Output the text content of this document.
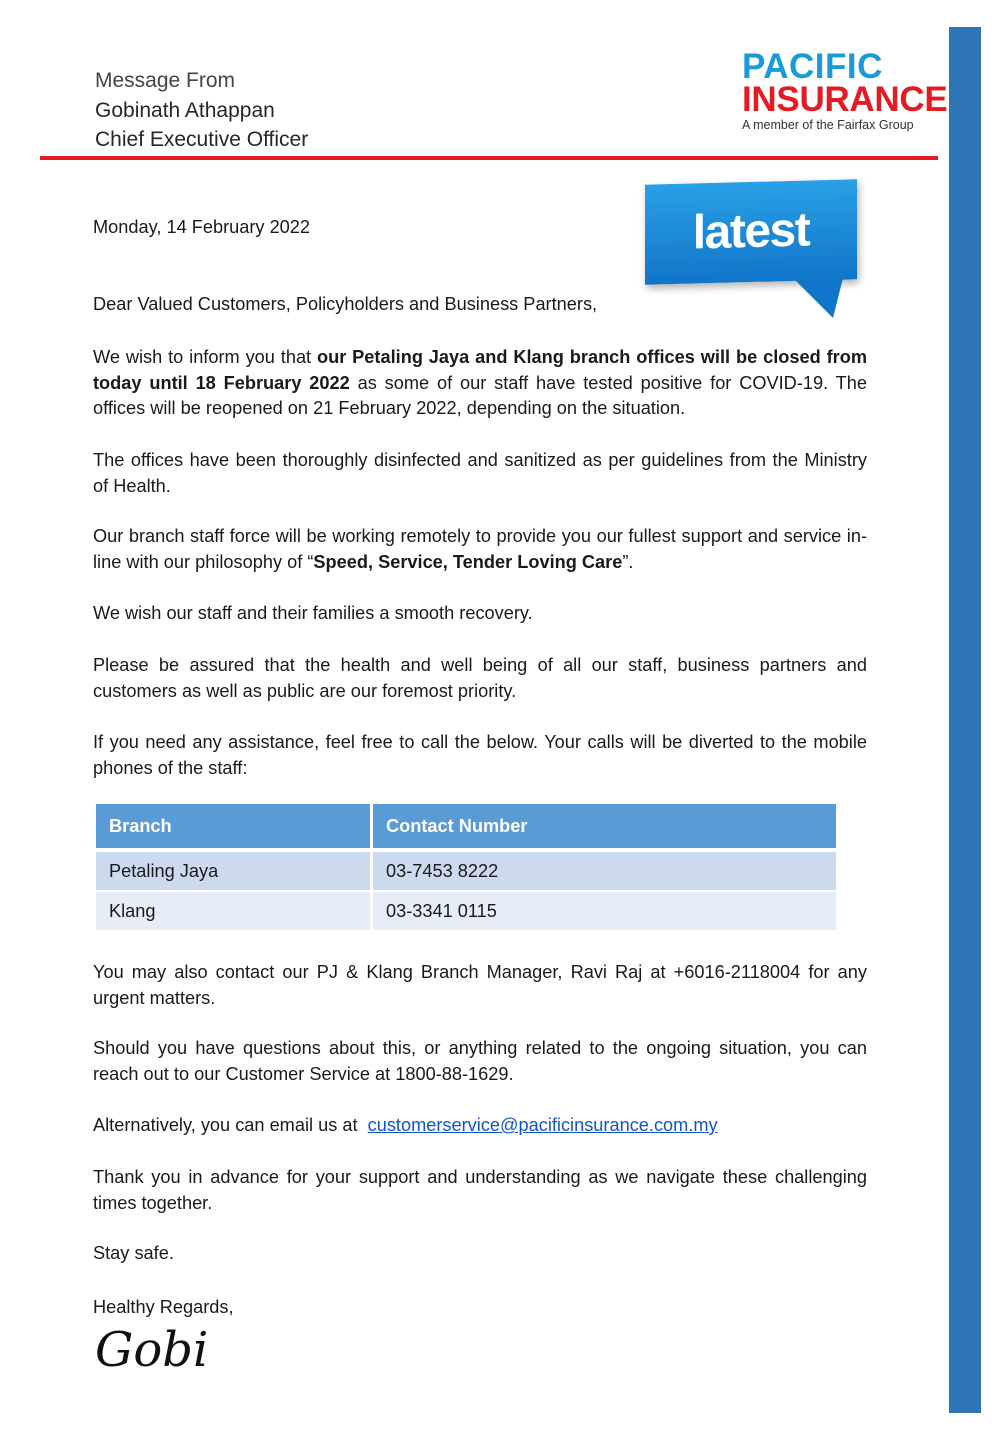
Message From
Gobinath Athappan
Chief Executive Officer
PACIFIC
INSURANCE
A member of the Fairfax Group
latest news
Monday, 14 February 2022
Dear Valued Customers, Policyholders and Business Partners,

We wish to inform you that our Petaling Jaya and Klang branch offices will be closed from today until 18 February 2022 as some of our staff have tested positive for COVID-19. The offices will be reopened on 21 February 2022, depending on the situation.

The offices have been thoroughly disinfected and sanitized as per guidelines from the Ministry of Health.

Our branch staff force will be working remotely to provide you our fullest support and service in-line with our philosophy of “Speed, Service, Tender Loving Care”.

We wish our staff and their families a smooth recovery.

Please be assured that the health and well being of all our staff, business partners and customers as well as public are our foremost priority.

If you need any assistance, feel free to call the below. Your calls will be diverted to the mobile phones of the staff:

Branch	Contact Number
Petaling Jaya	03-7453 8222
Klang	03-3341 0115

You may also contact our PJ & Klang Branch Manager, Ravi Raj at +6016-2118004 for any urgent matters.

Should you have questions about this, or anything related to the ongoing situation, you can reach out to our Customer Service at 1800-88-1629.

Alternatively, you can email us at  customerservice@pacificinsurance.com.my

Thank you in advance for your support and understanding as we navigate these challenging times together.

Stay safe.

Healthy Regards,

Gobi
